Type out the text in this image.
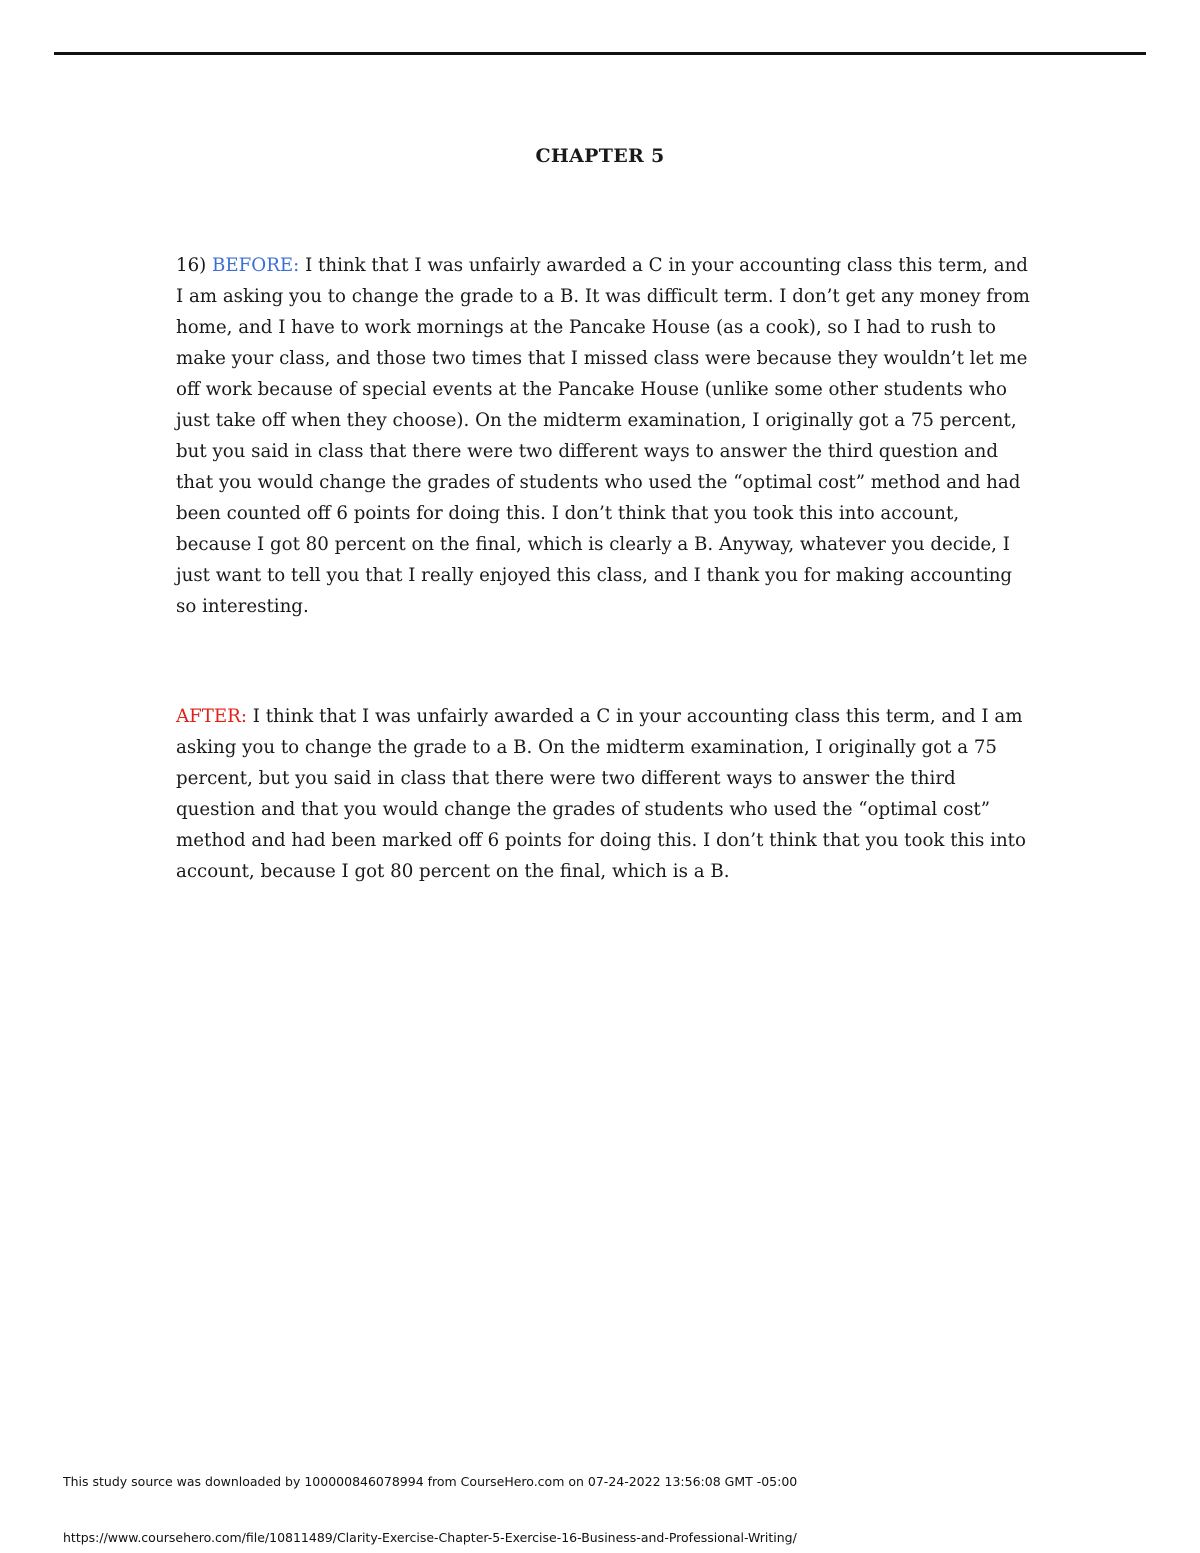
CHAPTER 5

16) BEFORE: I think that I was unfairly awarded a C in your accounting class this term, and I am asking you to change the grade to a B. It was difficult term. I don’t get any money from home, and I have to work mornings at the Pancake House (as a cook), so I had to rush to make your class, and those two times that I missed class were because they wouldn’t let me off work because of special events at the Pancake House (unlike some other students who just take off when they choose). On the midterm examination, I originally got a 75 percent, but you said in class that there were two different ways to answer the third question and that you would change the grades of students who used the “optimal cost” method and had been counted off 6 points for doing this. I don’t think that you took this into account, because I got 80 percent on the final, which is clearly a B. Anyway, whatever you decide, I just want to tell you that I really enjoyed this class, and I thank you for making accounting so interesting.

AFTER: I think that I was unfairly awarded a C in your accounting class this term, and I am asking you to change the grade to a B. On the midterm examination, I originally got a 75 percent, but you said in class that there were two different ways to answer the third question and that you would change the grades of students who used the “optimal cost” method and had been marked off 6 points for doing this. I don’t think that you took this into account, because I got 80 percent on the final, which is a B.

This study source was downloaded by 100000846078994 from CourseHero.com on 07-24-2022 13:56:08 GMT -05:00
https://www.coursehero.com/file/10811489/Clarity-Exercise-Chapter-5-Exercise-16-Business-and-Professional-Writing/
